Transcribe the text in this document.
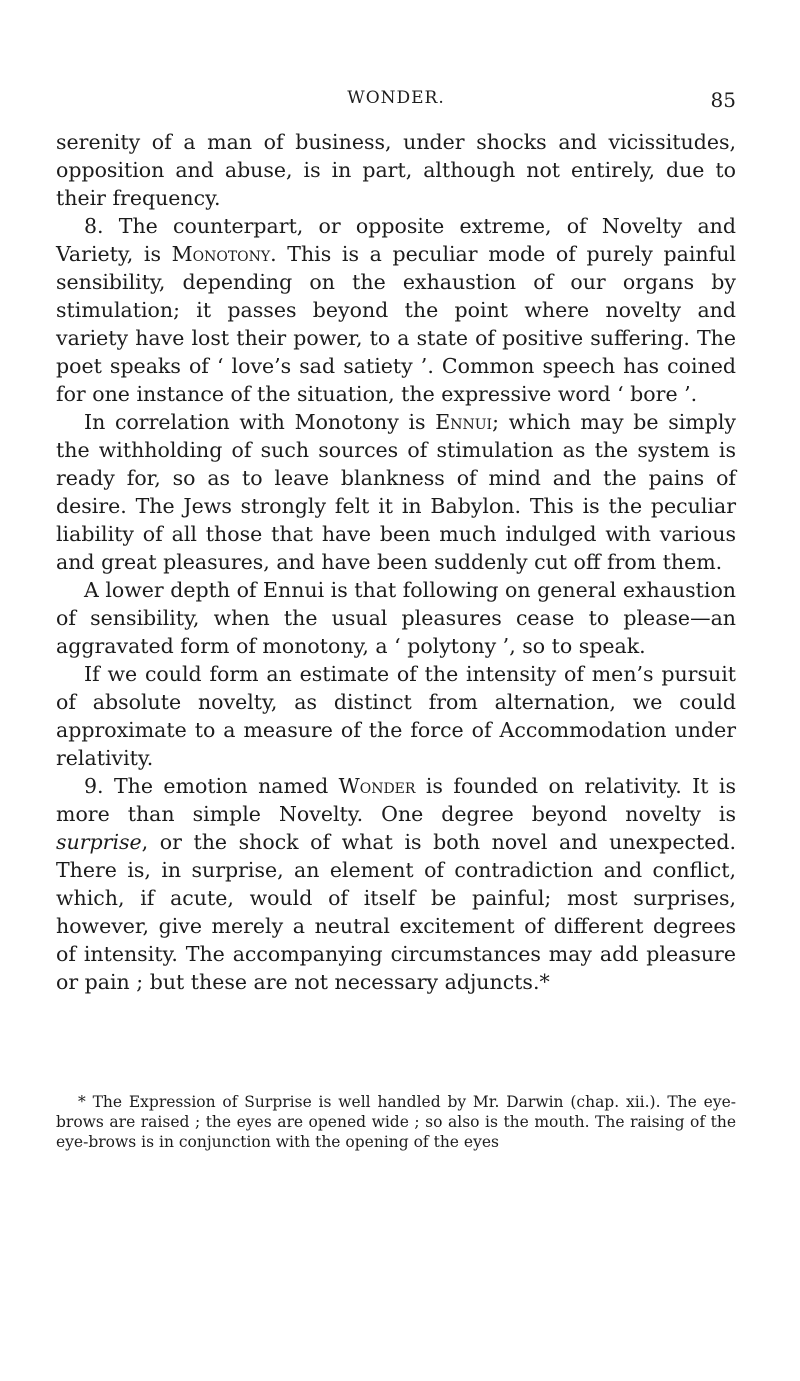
WONDER.	85

serenity of a man of business, under shocks and vicissitudes, opposition and abuse, is in part, although not entirely, due to their frequency.

8. The counterpart, or opposite extreme, of Novelty and Variety, is Monotony. This is a peculiar mode of purely painful sensibility, depending on the exhaustion of our organs by stimulation; it passes beyond the point where novelty and variety have lost their power, to a state of positive suffering. The poet speaks of ‘ love’s sad satiety ’. Common speech has coined for one instance of the situation, the expressive word ‘ bore ’.

In correlation with Monotony is Ennui; which may be simply the withholding of such sources of stimulation as the system is ready for, so as to leave blankness of mind and the pains of desire. The Jews strongly felt it in Babylon. This is the peculiar liability of all those that have been much indulged with various and great pleasures, and have been suddenly cut off from them.

A lower depth of Ennui is that following on general exhaustion of sensibility, when the usual pleasures cease to please—an aggravated form of monotony, a ‘ polytony ’, so to speak.

If we could form an estimate of the intensity of men’s pursuit of absolute novelty, as distinct from alternation, we could approximate to a measure of the force of Accommodation under relativity.

9. The emotion named Wonder is founded on relativity. It is more than simple Novelty. One degree beyond novelty is surprise, or the shock of what is both novel and unexpected. There is, in surprise, an element of contradiction and conflict, which, if acute, would of itself be painful; most surprises, however, give merely a neutral excitement of different degrees of intensity. The accompanying circumstances may add pleasure or pain ; but these are not necessary adjuncts.*

* The Expression of Surprise is well handled by Mr. Darwin (chap. xii.). The eye-brows are raised ; the eyes are opened wide ; so also is the mouth. The raising of the eye-brows is in conjunction with the opening of the eyes
